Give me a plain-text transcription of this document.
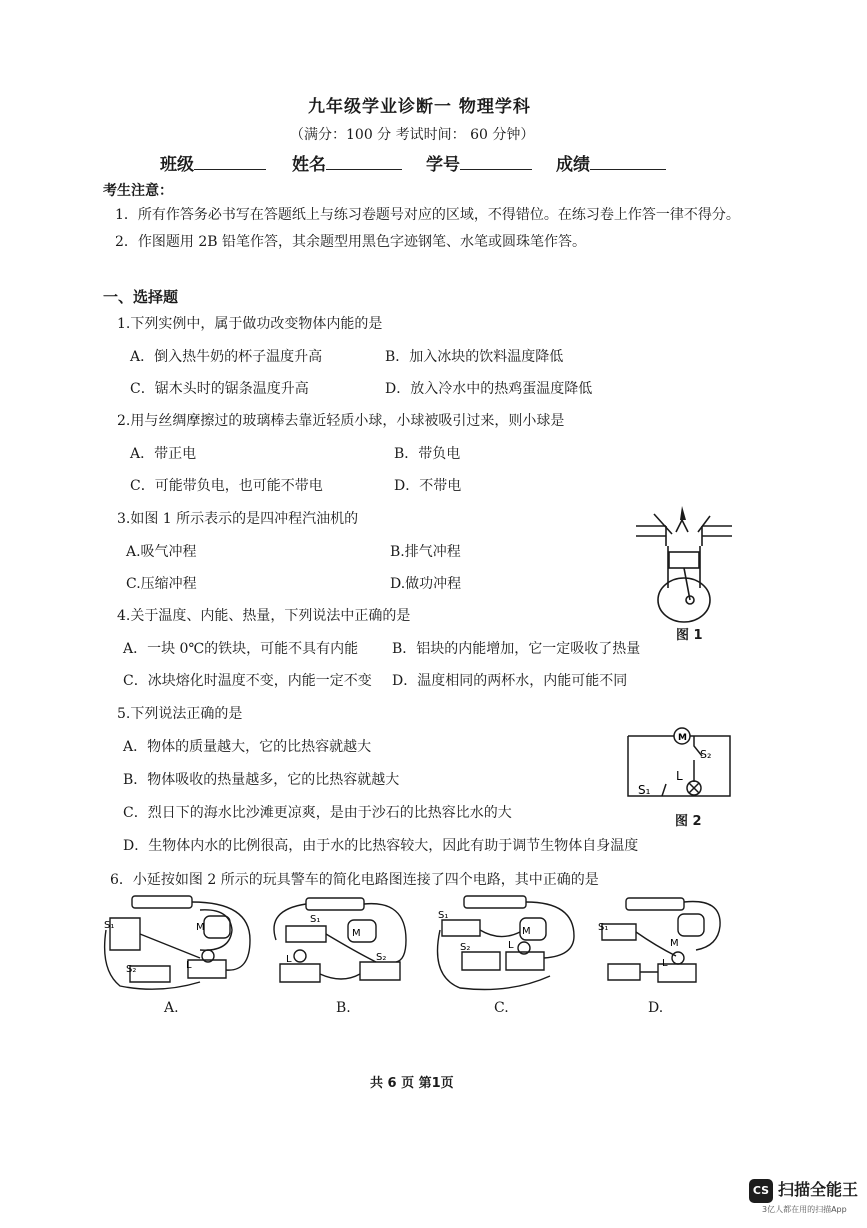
九年级学业诊断一 物理学科
（满分：100 分 考试时间： 60 分钟）
班级	姓名	学号	成绩
考生注意：
1．所有作答务必书写在答题纸上与练习卷题号对应的区域，不得错位。在练习卷上作答一律不得分。
2．作图题用 2B 铅笔作答，其余题型用黑色字迹钢笔、水笔或圆珠笔作答。
一、选择题
1.下列实例中，属于做功改变物体内能的是
A．倒入热牛奶的杯子温度升高	B．加入冰块的饮料温度降低
C．锯木头时的锯条温度升高	D．放入冷水中的热鸡蛋温度降低
2.用与丝绸摩擦过的玻璃棒去靠近轻质小球，小球被吸引过来，则小球是
A．带正电	B．带负电
C．可能带负电，也可能不带电	D．不带电
3.如图 1 所示表示的是四冲程汽油机的
A.吸气冲程	B.排气冲程
C.压缩冲程	D.做功冲程
图 1
4.关于温度、内能、热量，下列说法中正确的是
A．一块 0℃的铁块，可能不具有内能 B．铝块的内能增加，它一定吸收了热量
C．冰块熔化时温度不变，内能一定不变 D．温度相同的两杯水，内能可能不同
5.下列说法正确的是
A．物体的质量越大，它的比热容就越大
B．物体吸收的热量越多，它的比热容就越大
C．烈日下的海水比沙滩更凉爽，是由于沙石的比热容比水的大
D．生物体内水的比例很高，由于水的比热容较大，因此有助于调节生物体自身温度
M
S₂
L
S₁
图 2
6．小延按如图 2 所示的玩具警车的简化电路图连接了四个电路，其中正确的是
S₁
S₂
M
L
S₁
M
L	S₂
S₁
S₂
M
L
S₁
M
L
A.	B.	C.	D.
共 6 页 第1页
CS 扫描全能王
3亿人都在用的扫描App
